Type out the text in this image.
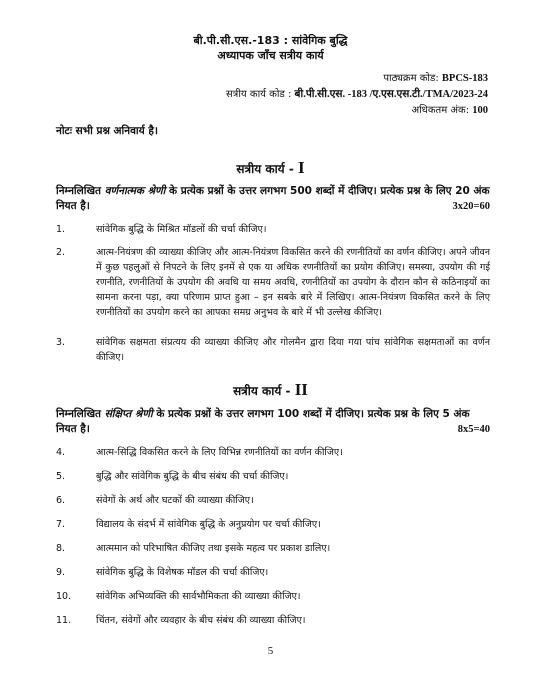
बी.पी.सी.एस.-183 : सांवेगिक बुद्धि
अध्यापक जाँच सत्रीय कार्य
पाठ्यक्रम कोड: BPCS-183
सत्रीय कार्य कोड : बी.पी.सी.एस. -183 /ए.एस.एस.टी./TMA/2023-24
अधिकतम अंक: 100
नोटः सभी प्रश्न अनिवार्य है।
सत्रीय कार्य - I
निम्नलिखित वर्णनात्मक श्रेणी के प्रत्येक प्रश्नों के उत्तर लगभग 500 शब्दों में दीजिए। प्रत्येक प्रश्न के लिए 20 अंक नियत है।	3x20=60
1.	सांवेगिक बुद्धि के मिश्रित मॉडलों की चर्चा कीजिए।
2.	आत्म-नियंत्रण की व्याख्या कीजिए और आत्म-नियंत्रण विकसित करने की रणनीतियों का वर्णन कीजिए। अपने जीवन में कुछ पहलुओं से निपटने के लिए इनमें से एक या अधिक रणनीतियों का प्रयोग कीजिए। समस्या, उपयोग की गई रणनीति, रणनीतियों के उपयोग की अवधि या समय अवधि, रणनीतियों का उपयोग के दौरान कौन से कठिनाइयों का सामना करना पड़ा, क्या परिणाम प्राप्त हुआ – इन सबके बारे में लिखिए। आत्म-नियंत्रण विकसित करने के लिए रणनीतियों का उपयोग करने का आपका समग्र अनुभव के बारे में भी उल्लेख कीजिए।
3.	सांवेगिक सक्षमता संप्रत्यय की व्याख्या कीजिए और गोलमैन द्वारा दिया गया पांच सांवेगिक सक्षमताओं का वर्णन कीजिए।
सत्रीय कार्य - II
निम्नलिखित संक्षिप्त श्रेणी के प्रत्येक प्रश्नों के उत्तर लगभग 100 शब्दों में दीजिए। प्रत्येक प्रश्न के लिए 5 अंक नियत है।	8x5=40
4.	आत्म-सिद्धि विकसित करने के लिए विभिन्न रणनीतियों का वर्णन कीजिए।
5.	बुद्धि और सांवेगिक बुद्धि के बीच संबंध की चर्चा कीजिए।
6.	संवेगों के अर्थ और घटकों की व्याख्या कीजिए।
7.	विद्यालय के संदर्भ में सांवेगिक बुद्धि के अनुप्रयोग पर चर्चा कीजिए।
8.	आत्ममान को परिभाषित कीजिए तथा इसके महत्व पर प्रकाश डालिए।
9.	सांवेगिक बुद्धि के विशेषक मॉडल की चर्चा कीजिए।
10.	सांवेगिक अभिव्यक्ति की सार्वभौमिकता की व्याख्या कीजिए।
11.	चिंतन, संवेगों और व्यवहार के बीच संबंध की व्याख्या कीजिए।
5
